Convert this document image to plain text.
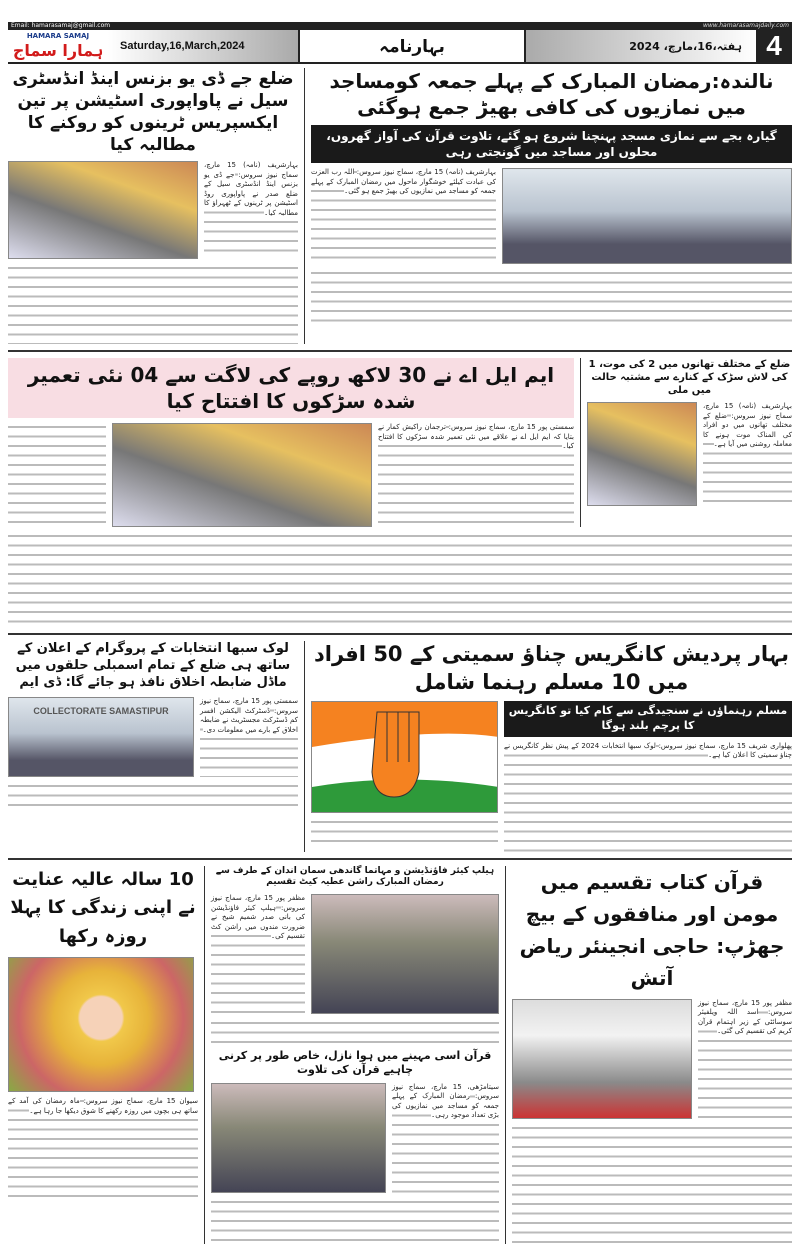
Email: hamarasamaj@gmail.com	www.hamarasamajdaily.com
HAMARA SAMAJ
ہمارا سماج	Saturday,16,March,2024	بہارنامہ	ہفتہ،16،مارچ، 2024 4
ضلع جے ڈی یو بزنس اینڈ انڈسٹری سیل نے پاواپوری اسٹیشن پر تین ایکسپریس ٹرینوں کو روکنے کا مطالبہ کیا
بہارشریف (نامہ) 15 مارچ، سماج نیوز سروس: جے ڈی یو بزنس اینڈ انڈسٹری سیل کے ضلع صدر نے پاواپوری روڈ اسٹیشن پر ٹرینوں کے ٹھہراؤ کا مطالبہ کیا۔
نالندہ:رمضان المبارک کے پہلے جمعہ کومساجد میں نمازیوں کی کافی بھیڑ جمع ہوگئی
گیارہ بجے سے نمازی مسجد پہنچنا شروع ہو گئے، تلاوت قرآن کی آواز گھروں، محلوں اور مساجد میں گونجتی رہی
بہارشریف (نامہ) 15 مارچ، سماج نیوز سروس: اللہ رب العزت کی عبادت کیلئے خوشگوار ماحول میں رمضان المبارک کے پہلے جمعہ کو مساجد میں نمازیوں کی بھیڑ جمع ہو گئی۔
ایم ایل اے نے 30 لاکھ روپے کی لاگت سے 04 نئی تعمیر شدہ سڑکوں کا افتتاح کیا
سمستی پور 15 مارچ، سماج نیوز سروس: ترجمان راکیش کمار نے بتایا کہ ایم ایل اے نے علاقے میں نئی تعمیر شدہ سڑکوں کا افتتاح کیا۔
ضلع کے مختلف تھانوں میں 2 کی موت، 1 کی لاش سڑک کے کنارے سے مشتبہ حالت میں ملی
بہارشریف (نامہ) 15 مارچ، سماج نیوز سروس: ضلع کے مختلف تھانوں میں دو افراد کی المناک موت ہونے کا معاملہ روشنی میں آیا ہے۔
لوک سبھا انتخابات کے پروگرام کے اعلان کے ساتھ ہی ضلع کے تمام اسمبلی حلقوں میں ماڈل ضابطہ اخلاق نافذ ہو جائے گا: ڈی ایم
COLLECTORATE SAMASTIPUR
سمستی پور 15 مارچ، سماج نیوز سروس: ڈسٹرکٹ الیکشن افسر کم ڈسٹرکٹ مجسٹریٹ نے ضابطہ اخلاق کے بارے میں معلومات دی۔
بہار پردیش کانگریس چناؤ سمیتی کے 50 افراد میں 10 مسلم رہنما شامل
مسلم رہنماؤں نے سنجیدگی سے کام کیا تو کانگریس کا پرچم بلند ہوگا
پھلواری شریف 15 مارچ، سماج نیوز سروس: لوک سبھا انتخابات 2024 کے پیش نظر کانگریس نے چناؤ سمیتی کا اعلان کیا ہے۔
10 سالہ عالیہ عنایت نے اپنی زندگی کا پہلا روزہ رکھا
سیوان 15 مارچ، سماج نیوز سروس: ماہ رمضان کی آمد کے ساتھ ہی بچوں میں روزہ رکھنے کا شوق دیکھا جا رہا ہے۔
ہیلپ کیئر فاؤنڈیشن و مہاتما گاندھی سمان اندان کے طرف سے رمضان المبارک راشن عطیہ کیٹ تقسیم
مظفر پور 15 مارچ، سماج نیوز سروس: ہیلپ کیئر فاؤنڈیشن کی بانی صدر شمیم شیخ نے ضرورت مندوں میں راشن کٹ تقسیم کی۔
قرآن اسی مہینے میں ہوا نازل، خاص طور پر کرنی چاہیے قرآن کی تلاوت
سیتامڑھی، 15 مارچ، سماج نیوز سروس: رمضان المبارک کے پہلے جمعہ کو مساجد میں نمازیوں کی بڑی تعداد موجود رہی۔
قرآن کتاب تقسیم میں مومن اور منافقوں کے بیچ جھڑپ: حاجی انجینئر ریاض آتش
مظفر پور 15 مارچ، سماج نیوز سروس: اسد اللہ ویلفیئر سوسائٹی کے زیر اہتمام قرآن کریم کی تقسیم کی گئی۔
